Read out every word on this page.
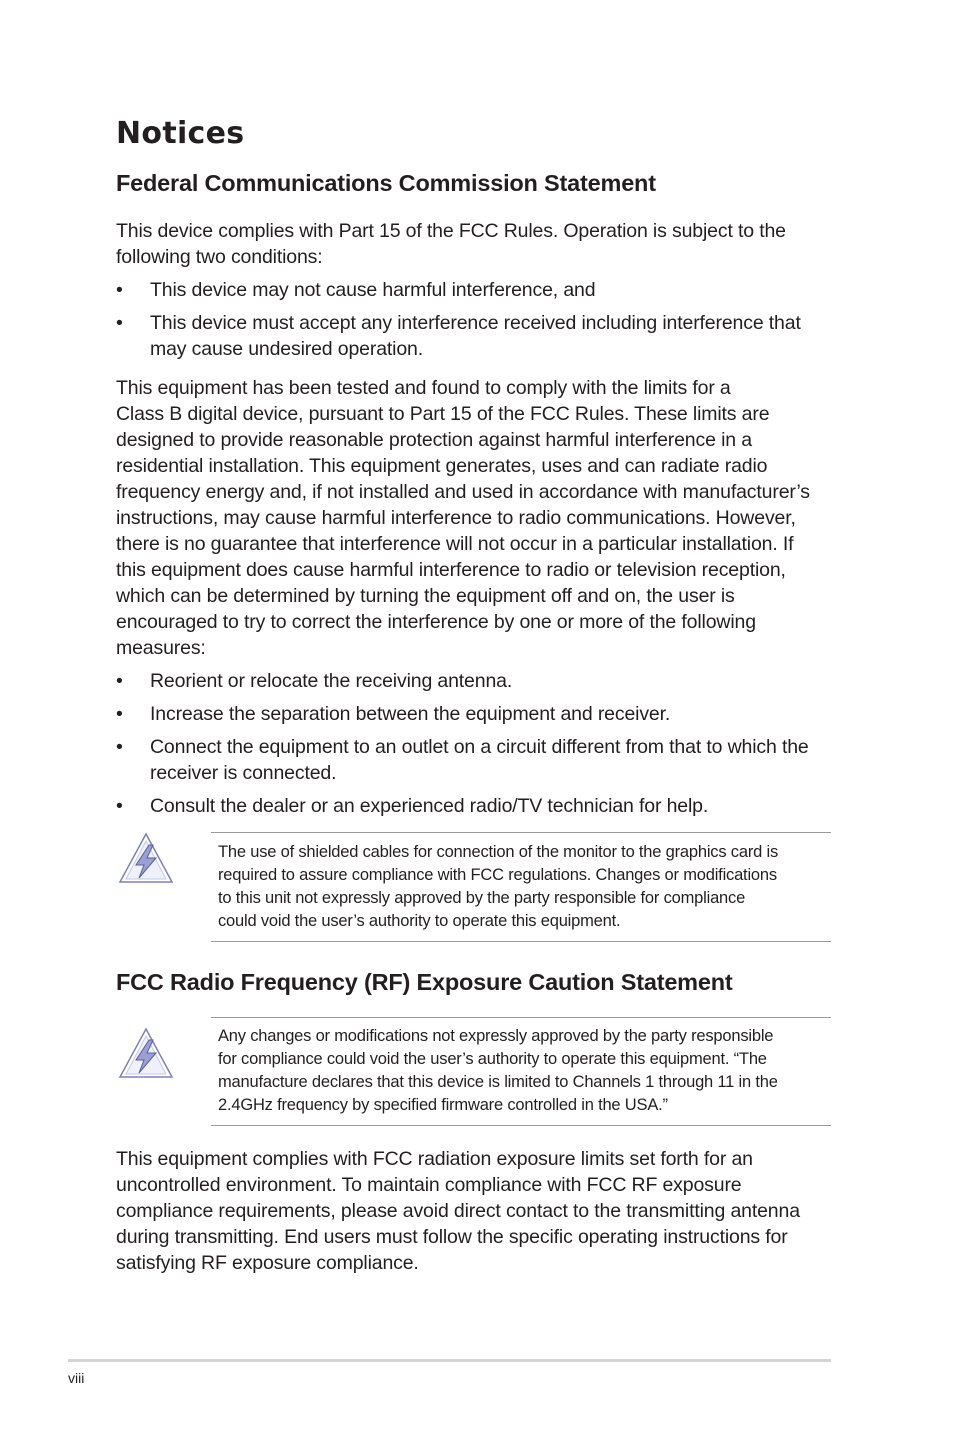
Notices
Federal Communications Commission Statement

This device complies with Part 15 of the FCC Rules. Operation is subject to the
following two conditions:

• This device may not cause harmful interference, and
• This device must accept any interference received including interference that may cause undesired operation.

This equipment has been tested and found to comply with the limits for a
Class B digital device, pursuant to Part 15 of the FCC Rules. These limits are
designed to provide reasonable protection against harmful interference in a
residential installation. This equipment generates, uses and can radiate radio
frequency energy and, if not installed and used in accordance with manufacturer’s
instructions, may cause harmful interference to radio communications. However,
there is no guarantee that interference will not occur in a particular installation. If
this equipment does cause harmful interference to radio or television reception,
which can be determined by turning the equipment off and on, the user is
encouraged to try to correct the interference by one or more of the following
measures:

• Reorient or relocate the receiving antenna.
• Increase the separation between the equipment and receiver.
• Connect the equipment to an outlet on a circuit different from that to which the receiver is connected.
• Consult the dealer or an experienced radio/TV technician for help.

The use of shielded cables for connection of the monitor to the graphics card is
required to assure compliance with FCC regulations. Changes or modifications
to this unit not expressly approved by the party responsible for compliance
could void the user’s authority to operate this equipment.

FCC Radio Frequency (RF) Exposure Caution Statement

Any changes or modifications not expressly approved by the party responsible
for compliance could void the user’s authority to operate this equipment. “The
manufacture declares that this device is limited to Channels 1 through 11 in the
2.4GHz frequency by specified firmware controlled in the USA.”

This equipment complies with FCC radiation exposure limits set forth for an
uncontrolled environment. To maintain compliance with FCC RF exposure
compliance requirements, please avoid direct contact to the transmitting antenna
during transmitting. End users must follow the specific operating instructions for
satisfying RF exposure compliance.

viii
